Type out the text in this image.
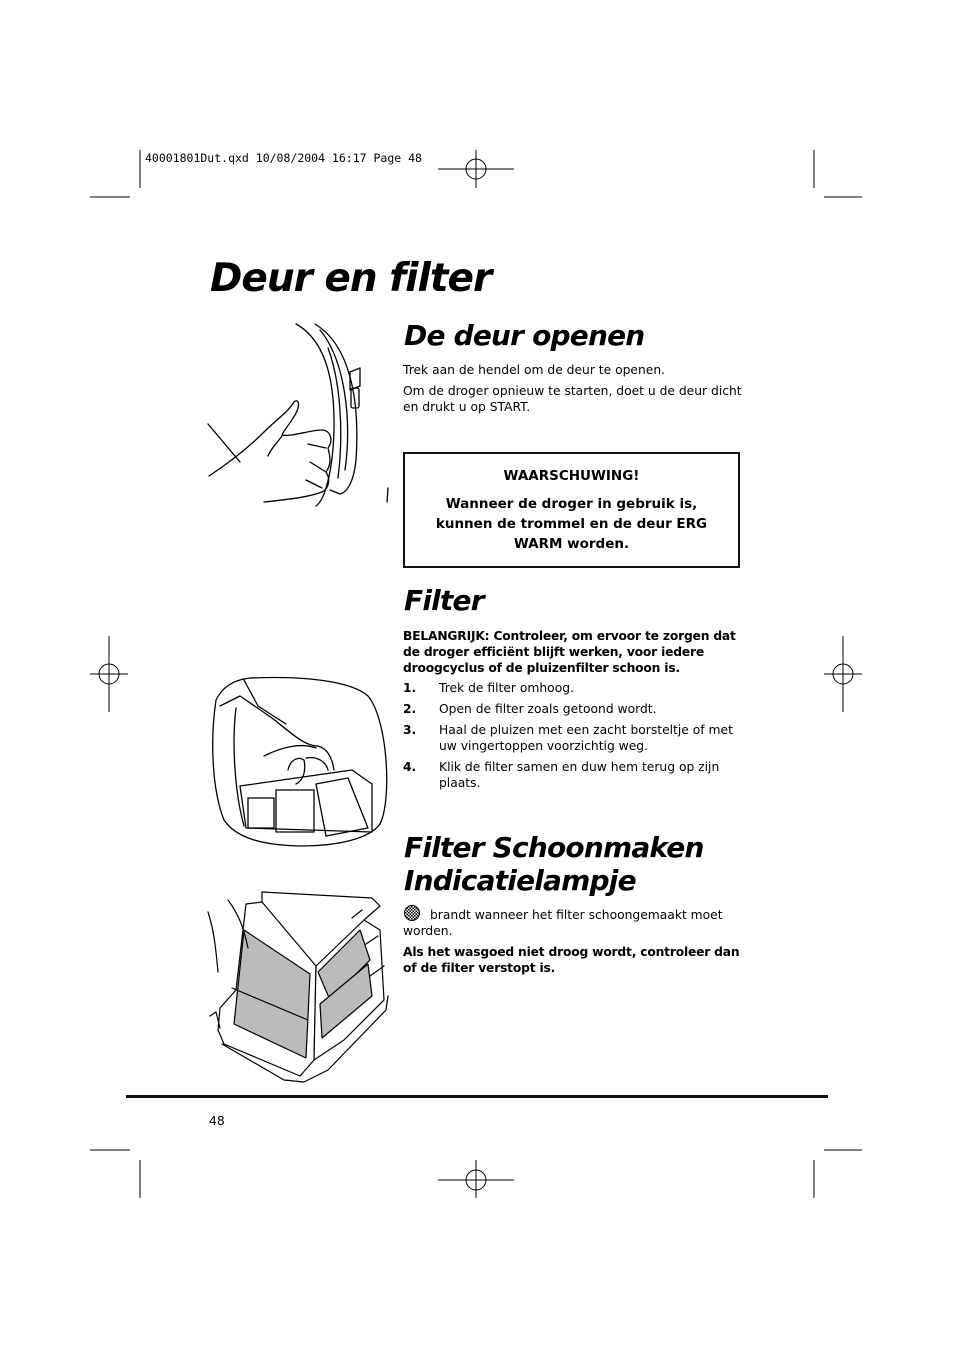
40001801Dut.qxd 10/08/2004 16:17 Page 48
Deur en filter
De deur openen
Trek aan de hendel om de deur te openen.
Om de droger opnieuw te starten, doet u de deur dicht en drukt u op START.
WAARSCHUWING!
Wanneer de droger in gebruik is, kunnen de trommel en de deur ERG WARM worden.
Filter
BELANGRIJK: Controleer, om ervoor te zorgen dat de droger efficiënt blijft werken, voor iedere droogcyclus of de pluizenfilter schoon is.
1. Trek de filter omhoog.
2. Open de filter zoals getoond wordt.
3. Haal de pluizen met een zacht borsteltje of met uw vingertoppen voorzichtig weg.
4. Klik de filter samen en duw hem terug op zijn plaats.
Filter Schoonmaken
Indicatielampje
brandt wanneer het filter schoongemaakt moet worden.
Als het wasgoed niet droog wordt, controleer dan of de filter verstopt is.
48
